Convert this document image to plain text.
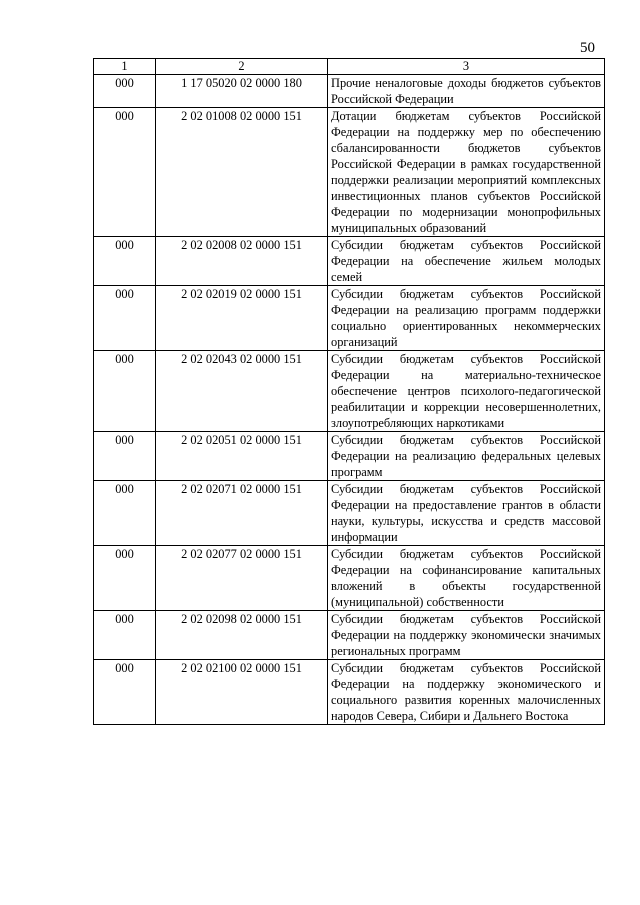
50
1	2	3
000	1 17 05020 02 0000 180	Прочие неналоговые доходы бюджетов субъектов Российской Федерации
000	2 02 01008 02 0000 151	Дотации бюджетам субъектов Российской Федерации на поддержку мер по обеспечению сбалансированности бюджетов субъектов Российской Федерации в рамках государственной поддержки реализации мероприятий комплексных инвестиционных планов субъектов Российской Федерации по модернизации монопрофильных муниципальных образований
000	2 02 02008 02 0000 151	Субсидии бюджетам субъектов Российской Федерации на обеспечение жильем молодых семей
000	2 02 02019 02 0000 151	Субсидии бюджетам субъектов Российской Федерации на реализацию программ поддержки социально ориентированных некоммерческих организаций
000	2 02 02043 02 0000 151	Субсидии бюджетам субъектов Российской Федерации на материально-техническое обеспечение центров психолого-педагогической реабилитации и коррекции несовершеннолетних, злоупотребляющих наркотиками
000	2 02 02051 02 0000 151	Субсидии бюджетам субъектов Российской Федерации на реализацию федеральных целевых программ
000	2 02 02071 02 0000 151	Субсидии бюджетам субъектов Российской Федерации на предоставление грантов в области науки, культуры, искусства и средств массовой информации
000	2 02 02077 02 0000 151	Субсидии бюджетам субъектов Российской Федерации на софинансирование капитальных вложений в объекты государственной (муниципальной) собственности
000	2 02 02098 02 0000 151	Субсидии бюджетам субъектов Российской Федерации на поддержку экономически значимых региональных программ
000	2 02 02100 02 0000 151	Субсидии бюджетам субъектов Российской Федерации на поддержку экономического и социального развития коренных малочисленных народов Севера, Сибири и Дальнего Востока
